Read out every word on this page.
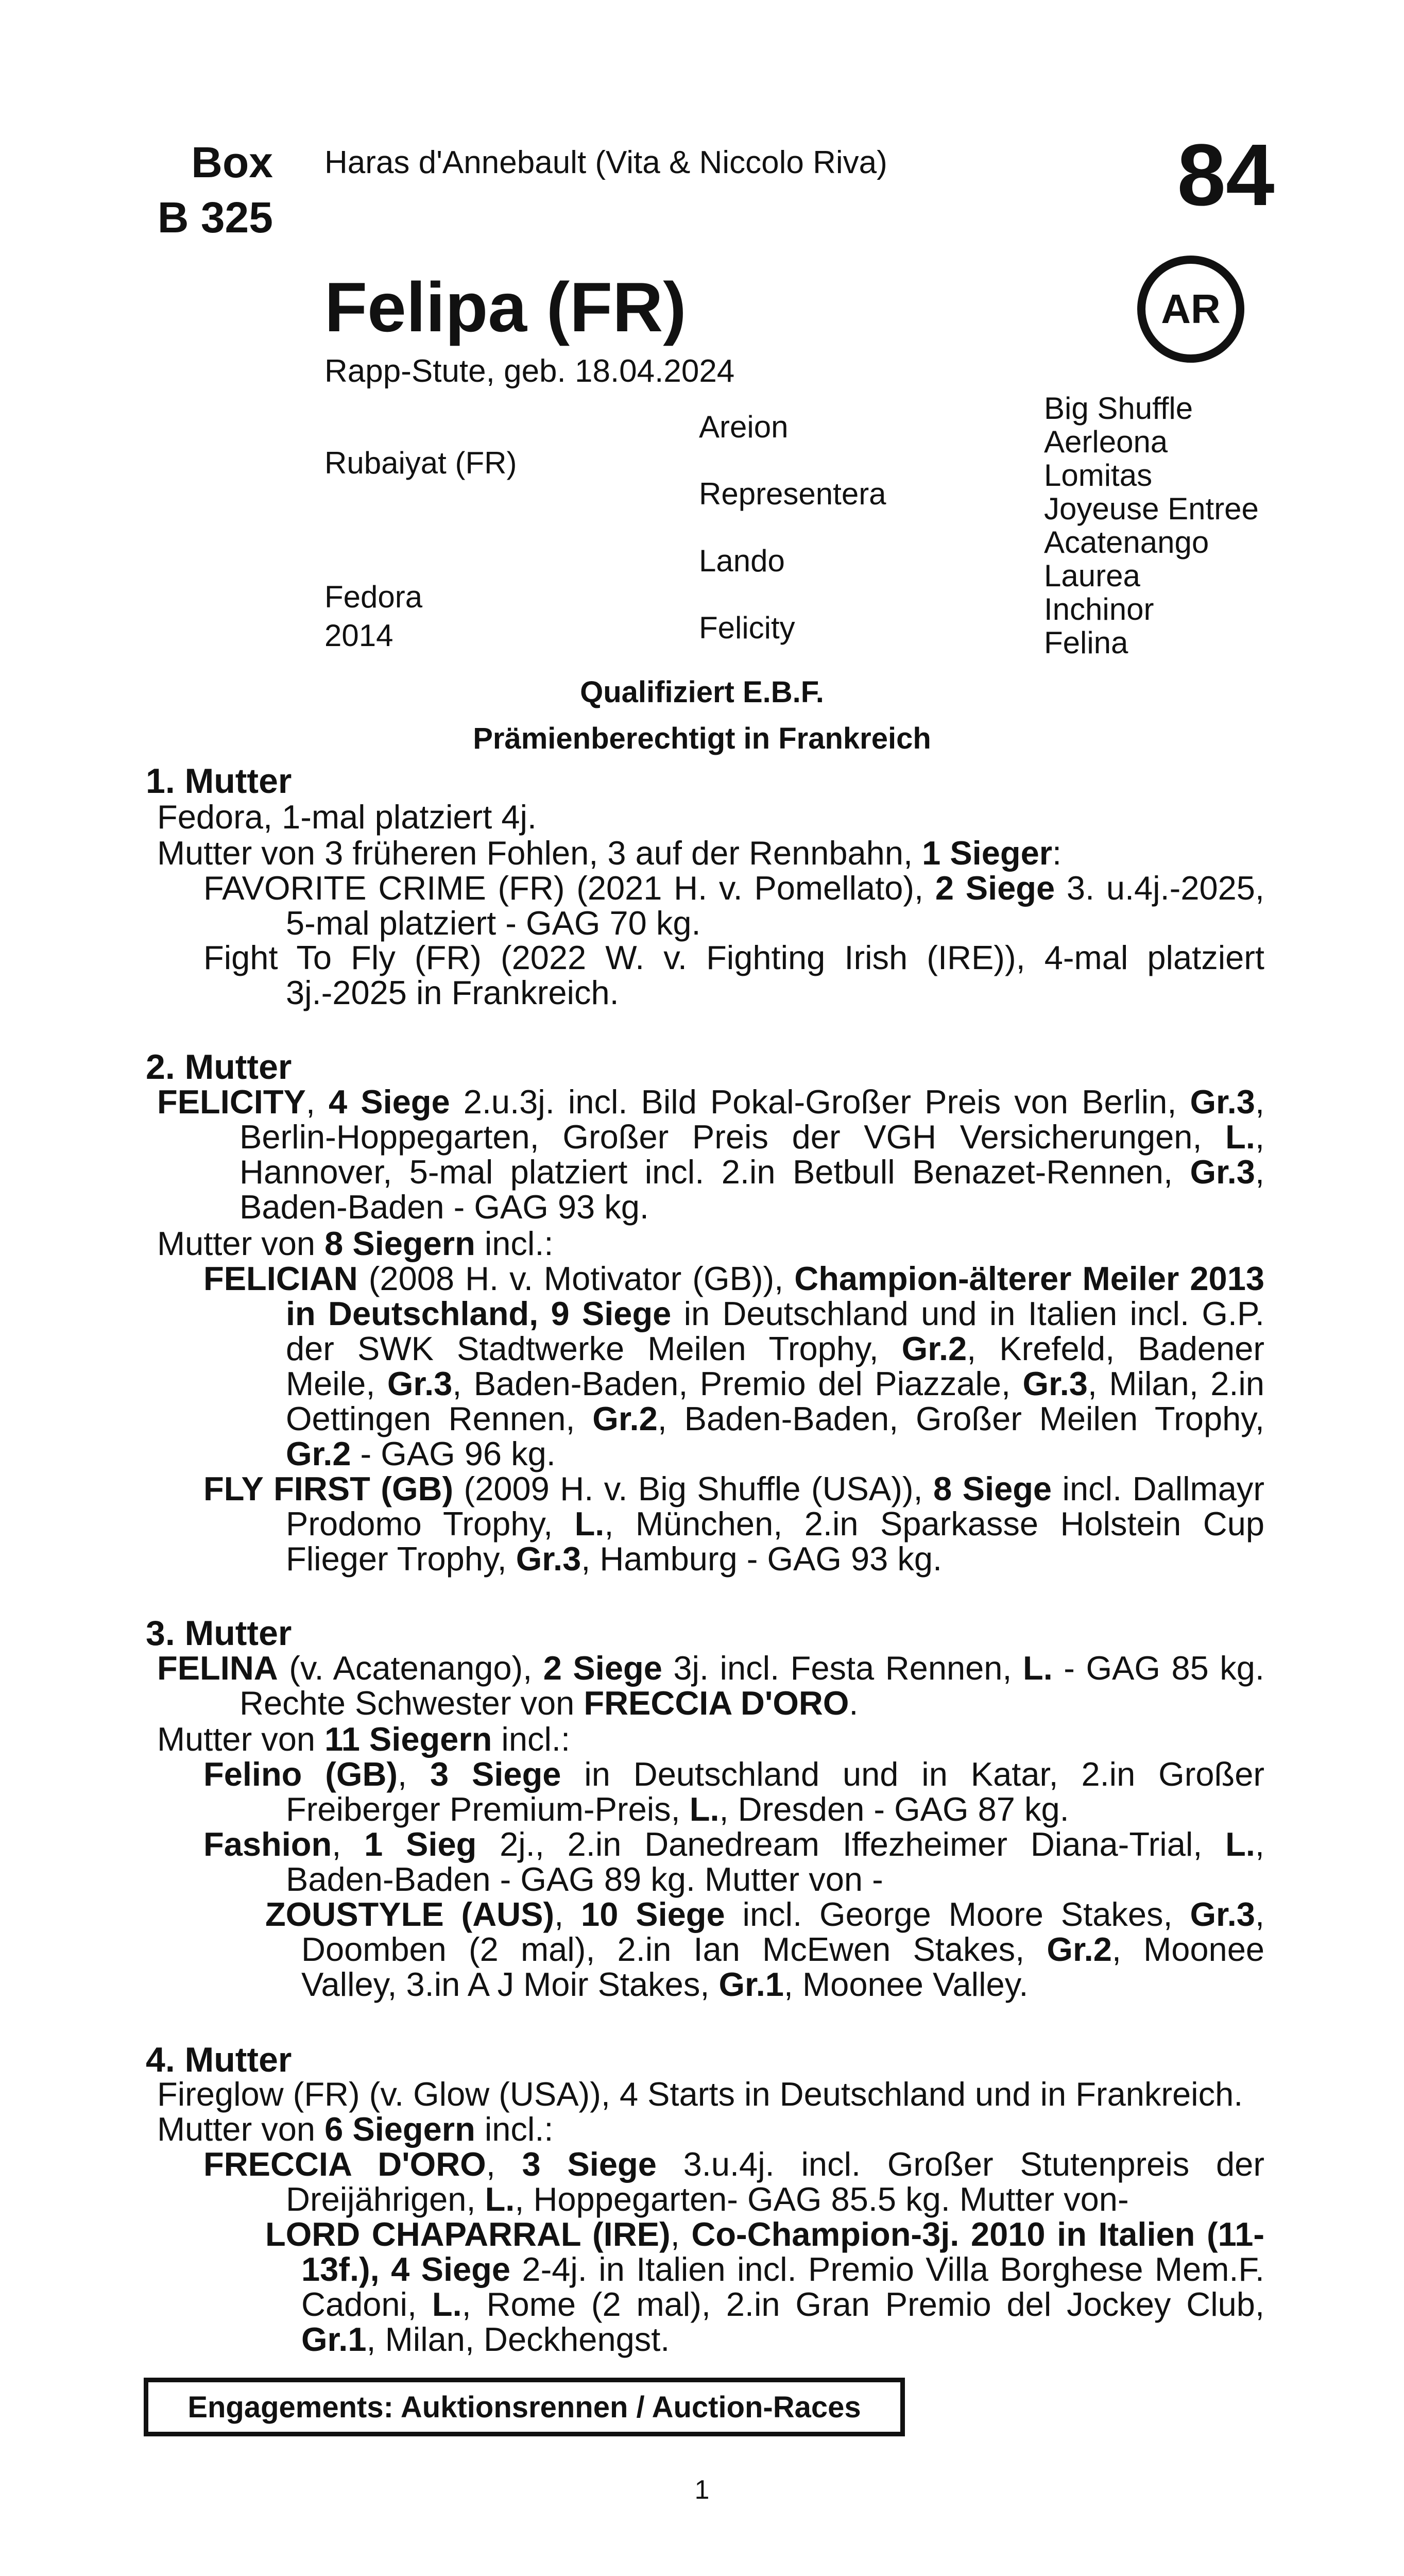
Box
B 325
Haras d'Annebault (Vita & Niccolo Riva)	84
AR
Felipa (FR)
Rapp-Stute, geb. 18.04.2024
Rubaiyat (FR)
Fedora
2014
Areion
Representera
Lando
Felicity
Big Shuffle
Aerleona
Lomitas
Joyeuse Entree
Acatenango
Laurea
Inchinor
Felina
Qualifiziert E.B.F.
Prämienberechtigt in Frankreich
1. Mutter
Fedora, 1-mal platziert 4j.
Mutter von 3 früheren Fohlen, 3 auf der Rennbahn, 1 Sieger:
FAVORITE CRIME (FR) (2021 H. v. Pomellato), 2 Siege 3. u.4j.-2025, 5-mal platziert - GAG 70 kg.
Fight To Fly (FR) (2022 W. v. Fighting Irish (IRE)), 4-mal platziert 3j.-2025 in Frankreich.
2. Mutter
FELICITY, 4 Siege 2.u.3j. incl. Bild Pokal-Großer Preis von Berlin, Gr.3, Berlin-Hoppegarten, Großer Preis der VGH Versicherungen, L., Hannover, 5-mal platziert incl. 2.in Betbull Benazet-Rennen, Gr.3, Baden-Baden - GAG 93 kg.
Mutter von 8 Siegern incl.:
FELICIAN (2008 H. v. Motivator (GB)), Champion-älterer Meiler 2013 in Deutschland, 9 Siege in Deutschland und in Italien incl. G.P. der SWK Stadtwerke Meilen Trophy, Gr.2, Krefeld, Badener Meile, Gr.3, Baden-Baden, Premio del Piazzale, Gr.3, Milan, 2.in Oettingen Rennen, Gr.2, Baden-Baden, Großer Meilen Trophy, Gr.2 - GAG 96 kg.
FLY FIRST (GB) (2009 H. v. Big Shuffle (USA)), 8 Siege incl. Dallmayr Prodomo Trophy, L., München, 2.in Sparkasse Holstein Cup Flieger Trophy, Gr.3, Hamburg - GAG 93 kg.
3. Mutter
FELINA (v. Acatenango), 2 Siege 3j. incl. Festa Rennen, L. - GAG 85 kg. Rechte Schwester von FRECCIA D'ORO.
Mutter von 11 Siegern incl.:
Felino (GB), 3 Siege in Deutschland und in Katar, 2.in Großer Freiberger Premium-Preis, L., Dresden - GAG 87 kg.
Fashion, 1 Sieg 2j., 2.in Danedream Iffezheimer Diana-Trial, L., Baden-Baden - GAG 89 kg. Mutter von -
ZOUSTYLE (AUS), 10 Siege incl. George Moore Stakes, Gr.3, Doomben (2 mal), 2.in Ian McEwen Stakes, Gr.2, Moonee Valley, 3.in A J Moir Stakes, Gr.1, Moonee Valley.
4. Mutter
Fireglow (FR) (v. Glow (USA)), 4 Starts in Deutschland und in Frankreich.
Mutter von 6 Siegern incl.:
FRECCIA D'ORO, 3 Siege 3.u.4j. incl. Großer Stutenpreis der Dreijährigen, L., Hoppegarten- GAG 85.5 kg. Mutter von-
LORD CHAPARRAL (IRE), Co-Champion-3j. 2010 in Italien (11-13f.), 4 Siege 2-4j. in Italien incl. Premio Villa Borghese Mem.F. Cadoni, L., Rome (2 mal), 2.in Gran Premio del Jockey Club, Gr.1, Milan, Deckhengst.
Engagements: Auktionsrennen / Auction-Races
1
